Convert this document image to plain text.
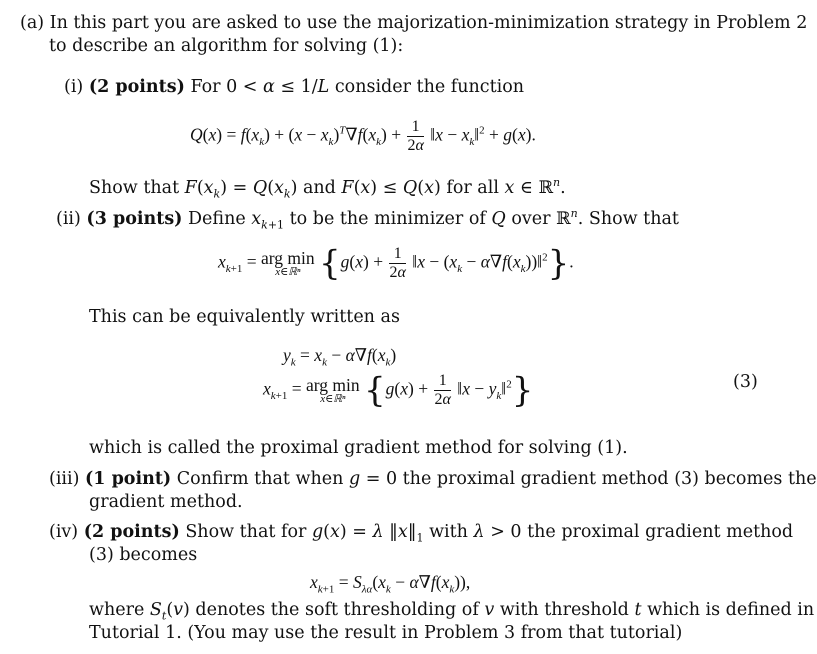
(a) In this part you are asked to use the majorization-minimization strategy in Problem 2
to describe an algorithm for solving (1):
(i) (2 points) For 0 < α ≤ 1/L consider the function
$Q(x) = f(x_k) + (x - x_k)^T\nabla f(x_k) + \frac{1}{2\alpha}$ ‖x − $x_k‖^2 + g(x)$.
Show that $F(x_k) = Q(x_k)$ and F(x) ≤ Q(x) for all x ∈ ℝ$^n$.
(ii) (3 points) Define $x_{k+1}$ to be the minimizer of Q over ℝ$^n$. Show that
$x_{k+1}$ = arg min
x∈ℝⁿ {$g(x) + \frac{1}{2\alpha}$ ‖x − ($x_k$ − $\alpha\nabla f(x_k))‖^2$}.
This can be equivalently written as
$y_k = x_k - \alpha\nabla f(x_k)$
$x_{k+1}$ = arg min
x∈ℝⁿ {$g(x) + \frac{1}{2\alpha}$ ‖x − $y_k‖^2$}	(3)
which is called the proximal gradient method for solving (1).
(iii) (1 point) Confirm that when g = 0 the proximal gradient method (3) becomes the
gradient method.
(iv) (2 points) Show that for g(x) = λ $‖x‖_1$ with λ > 0 the proximal gradient method
(3) becomes
$x_{k+1} = S_{\lambda\alpha}(x_k - \alpha\nabla f(x_k))$,
where $S_t(v)$ denotes the soft thresholding of v with threshold t which is defined in
Tutorial 1. (You may use the result in Problem 3 from that tutorial)
